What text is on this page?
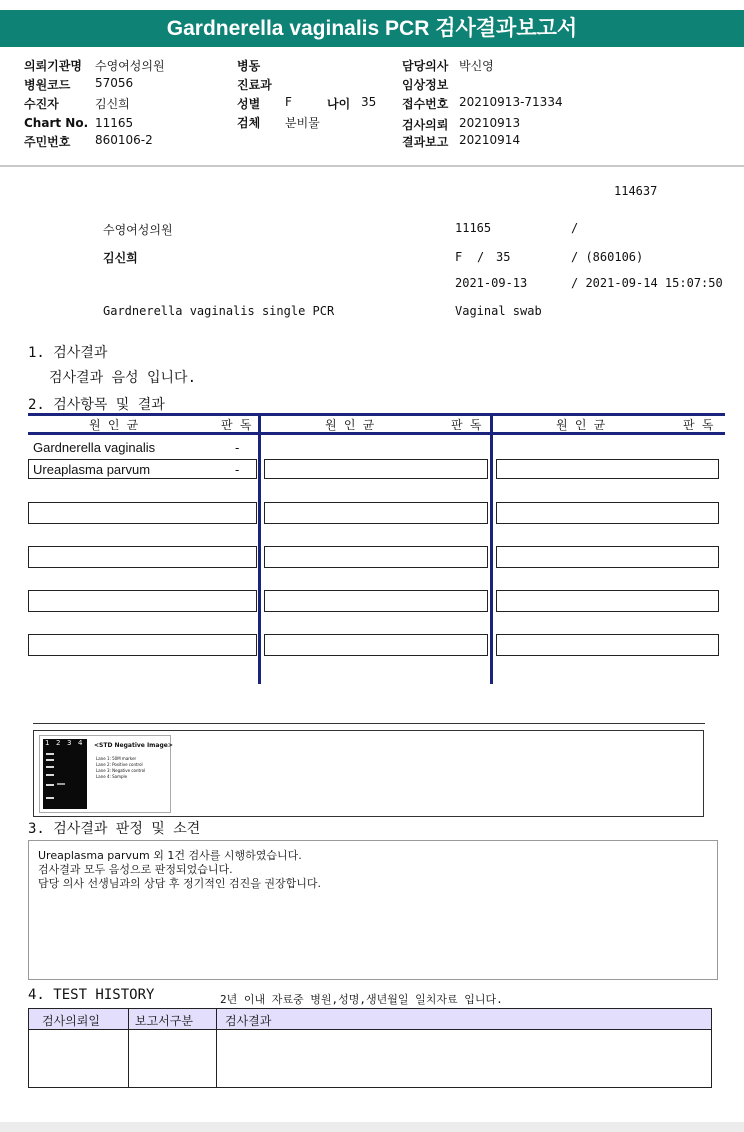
Gardnerella vaginalis PCR 검사결과보고서
의뢰기관명 수영여성의원
병원코드 57056
수진자	김신희
Chart No. 11165
주민번호 860106-2
병동
진료과
성별 F	나이 35
검체 분비물
담당의사 박신영
임상정보
접수번호 20210913-71334
검사의뢰 20210913
결과보고 20210914
114637
수영여성의원	11165	/
김신희	F / 35	/ (860106)
2021-09-13	/ 2021-09-14 15:07:50
Gardnerella vaginalis single PCR	Vaginal swab
1. 검사결과
검사결과 음성 입니다.
2. 검사항목 및 결과
원 인 균	판 독	원 인 균	판 독	원 인 균	판 독
Gardnerella vaginalis	-
Ureaplasma parvum	-
1 2 3 4 <STD Negative Image>
Lane 1: 50M marker
Lane 2: Positive control
Lane 3: Negative control
Lane 4: Sample
3. 검사결과 판정 및 소견
Ureaplasma parvum 외 1건 검사를 시행하였습니다.
검사결과 모두 음성으로 판정되었습니다.
담당 의사 선생님과의 상담 후 정기적인 검진을 권장합니다.
4. TEST HISTORY	2년 이내 자료중 병원,성명,생년월일 일치자료 입니다.
검사의뢰일	보고서구분	검사결과
